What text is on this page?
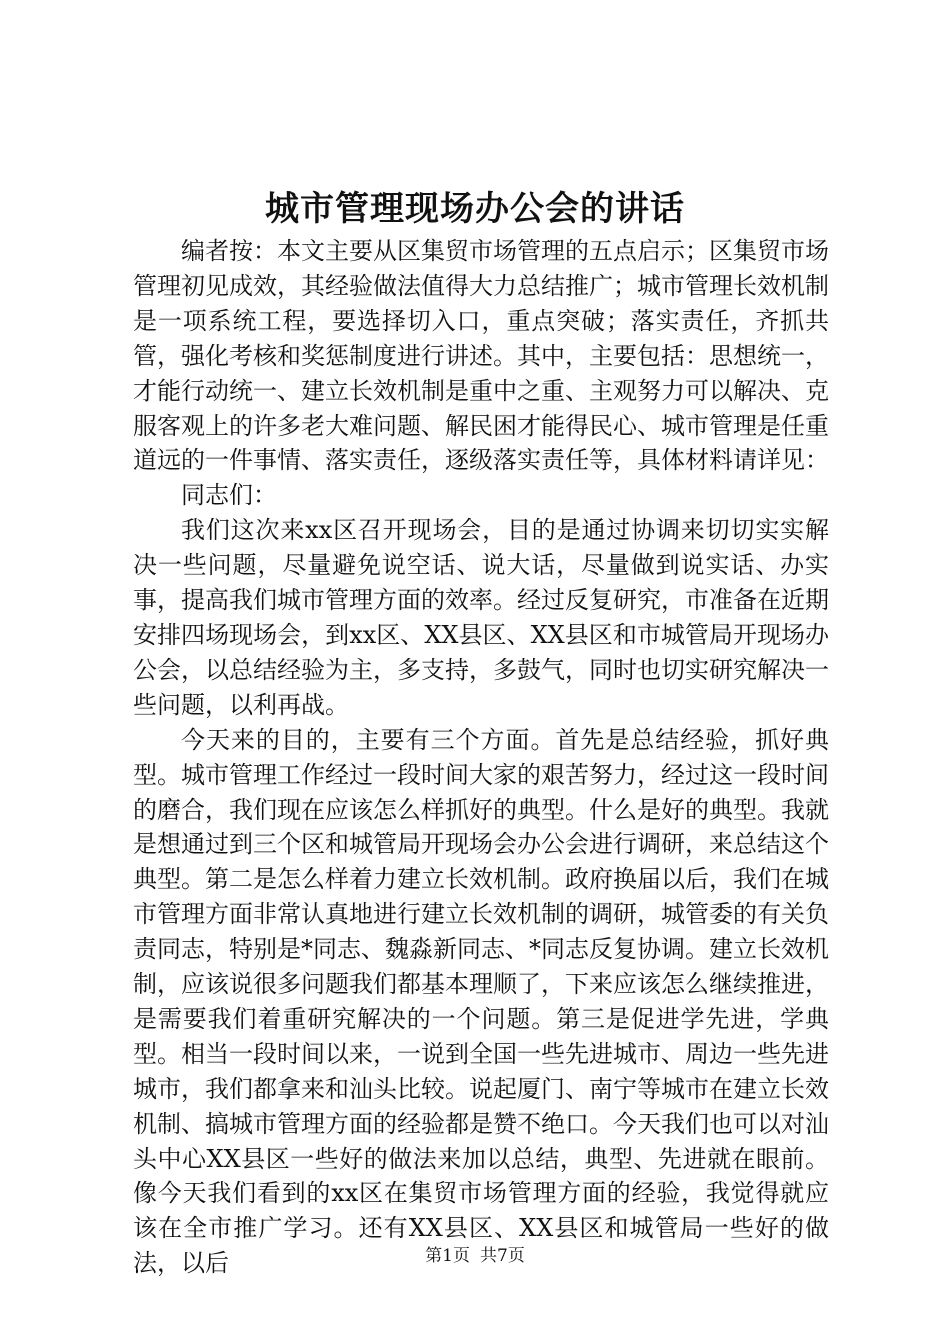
城市管理现场办公会的讲话

编者按：本文主要从区集贸市场管理的五点启示；区集贸市场管理初见成效，其经验做法值得大力总结推广；城市管理长效机制是一项系统工程，要选择切入口，重点突破；落实责任，齐抓共管，强化考核和奖惩制度进行讲述。其中，主要包括：思想统一，才能行动统一、建立长效机制是重中之重、主观努力可以解决、克服客观上的许多老大难问题、解民困才能得民心、城市管理是任重道远的一件事情、落实责任，逐级落实责任等，具体材料请详见：

同志们：

我们这次来xx区召开现场会，目的是通过协调来切切实实解决一些问题，尽量避免说空话、说大话，尽量做到说实话、办实事，提高我们城市管理方面的效率。经过反复研究，市准备在近期安排四场现场会，到xx区、XX县区、XX县区和市城管局开现场办公会，以总结经验为主，多支持，多鼓气，同时也切实研究解决一些问题，以利再战。

今天来的目的，主要有三个方面。首先是总结经验，抓好典型。城市管理工作经过一段时间大家的艰苦努力，经过这一段时间的磨合，我们现在应该怎么样抓好的典型。什么是好的典型。我就是想通过到三个区和城管局开现场会办公会进行调研，来总结这个典型。第二是怎么样着力建立长效机制。政府换届以后，我们在城市管理方面非常认真地进行建立长效机制的调研，城管委的有关负责同志，特别是*同志、魏淼新同志、*同志反复协调。建立长效机制，应该说很多问题我们都基本理顺了，下来应该怎么继续推进，是需要我们着重研究解决的一个问题。第三是促进学先进，学典型。相当一段时间以来，一说到全国一些先进城市、周边一些先进城市，我们都拿来和汕头比较。说起厦门、南宁等城市在建立长效机制、搞城市管理方面的经验都是赞不绝口。今天我们也可以对汕头中心XX县区一些好的做法来加以总结，典型、先进就在眼前。像今天我们看到的xx区在集贸市场管理方面的经验，我觉得就应该在全市推广学习。还有XX县区、XX县区和城管局一些好的做法，以后	第1页 共7页
